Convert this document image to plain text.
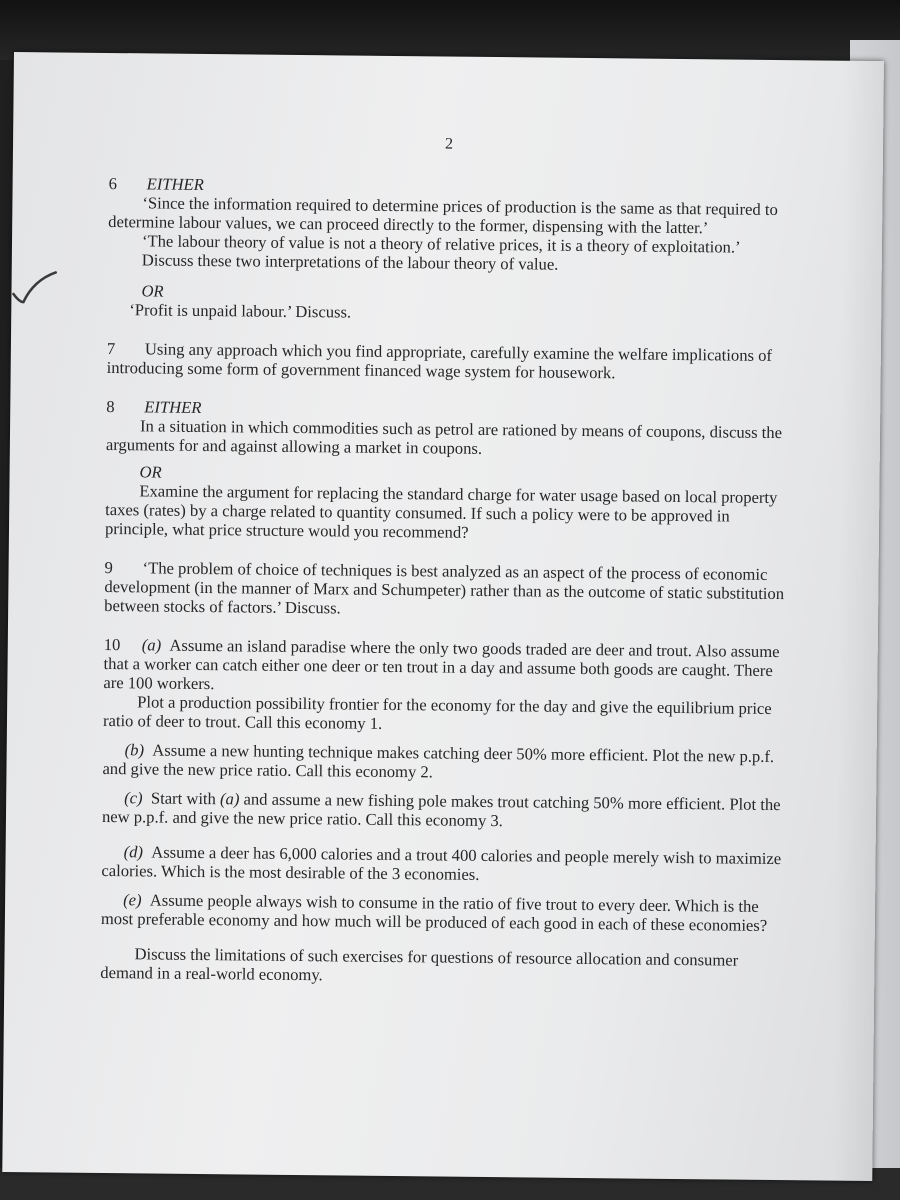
2

6 EITHER

‘Since the information required to determine prices of production is the same as that required to determine labour values, we can proceed directly to the former, dispensing with the latter.’

‘The labour theory of value is not a theory of relative prices, it is a theory of exploitation.’

Discuss these two interpretations of the labour theory of value.

OR

‘Profit is unpaid labour.’ Discuss.

7 Using any approach which you find appropriate, carefully examine the welfare implications of introducing some form of government financed wage system for housework.

8 EITHER

In a situation in which commodities such as petrol are rationed by means of coupons, discuss the arguments for and against allowing a market in coupons.

OR

Examine the argument for replacing the standard charge for water usage based on local property taxes (rates) by a charge related to quantity consumed. If such a policy were to be approved in principle, what price structure would you recommend?

9 ‘The problem of choice of techniques is best analyzed as an aspect of the process of economic development (in the manner of Marx and Schumpeter) rather than as the outcome of static substitution between stocks of factors.’ Discuss.

10 (a) Assume an island paradise where the only two goods traded are deer and trout. Also assume that a worker can catch either one deer or ten trout in a day and assume both goods are caught. There are 100 workers.

Plot a production possibility frontier for the economy for the day and give the equilibrium price ratio of deer to trout. Call this economy 1.

(b) Assume a new hunting technique makes catching deer 50% more efficient. Plot the new p.p.f. and give the new price ratio. Call this economy 2.

(c) Start with (a) and assume a new fishing pole makes trout catching 50% more efficient. Plot the new p.p.f. and give the new price ratio. Call this economy 3.

(d) Assume a deer has 6,000 calories and a trout 400 calories and people merely wish to maximize calories. Which is the most desirable of the 3 economies.

(e) Assume people always wish to consume in the ratio of five trout to every deer. Which is the most preferable economy and how much will be produced of each good in each of these economies?

Discuss the limitations of such exercises for questions of resource allocation and consumer demand in a real-world economy.
